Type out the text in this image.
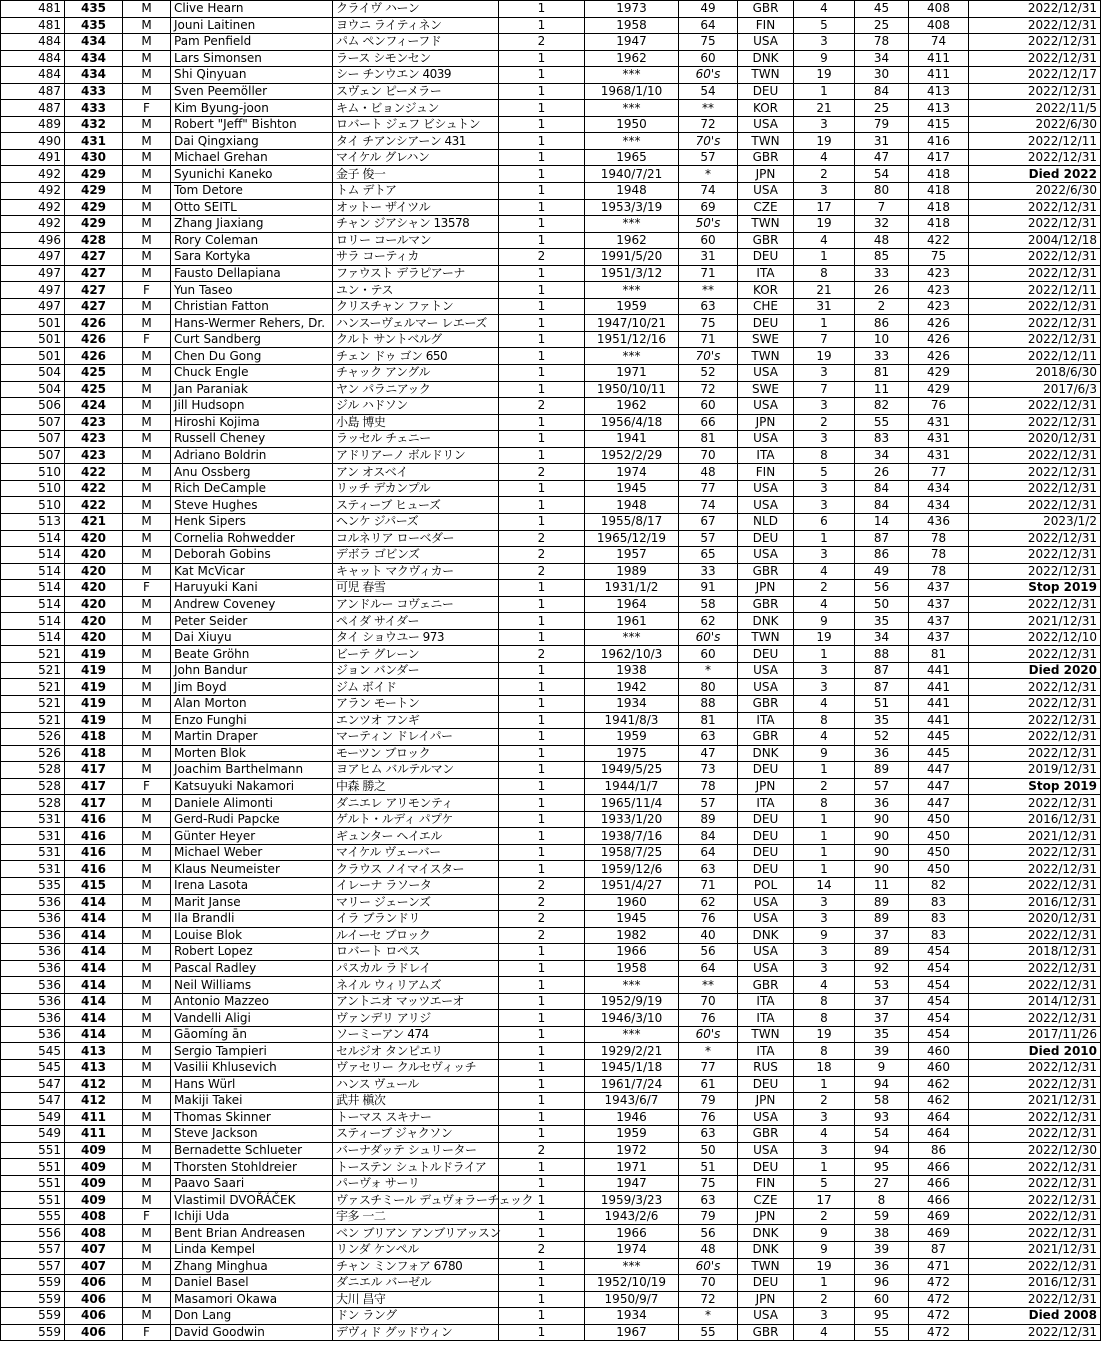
481	435	M	Clive Hearn	クライヴ ハーン	1	1973	49	GBR	4	45	408	2022/12/31
481	435	M	Jouni Laitinen	ヨウニ ライティネン	1	1958	64	FIN	5	25	408	2022/12/31
484	434	M	Pam Penfield	パム ペンフィーフド	2	1947	75	USA	3	78	74	2022/12/31
484	434	M	Lars Simonsen	ラース シモンセン	1	1962	60	DNK	9	34	411	2022/12/31
484	434	M	Shi Qinyuan	シー チンウエン 4039	1	***	60's	TWN	19	30	411	2022/12/17
487	433	M	Sven Peemöller	スヴェン ピーメラー	1	1968/1/10	54	DEU	1	84	413	2022/12/31
487	433	F	Kim Byung-joon	キム・ビョンジュン	1	***	**	KOR	21	25	413	2022/11/5
489	432	M	Robert "Jeff" Bishton	ロバート ジェフ ビシュトン	1	1950	72	USA	3	79	415	2022/6/30
490	431	M	Dai Qingxiang	タイ チアンシアーン 431	1	***	70's	TWN	19	31	416	2022/12/11
491	430	M	Michael Grehan	マイケル グレハン	1	1965	57	GBR	4	47	417	2022/12/31
492	429	M	Syunichi Kaneko	金子 俊一	1	1940/7/21	*	JPN	2	54	418	Died 2022
492	429	M	Tom Detore	トム デトア	1	1948	74	USA	3	80	418	2022/6/30
492	429	M	Otto SEITL	オットー ザイツル	1	1953/3/19	69	CZE	17	7	418	2022/12/31
492	429	M	Zhang Jiaxiang	チャン ジアシャン 13578	1	***	50's	TWN	19	32	418	2022/12/31
496	428	M	Rory Coleman	ロリー コールマン	1	1962	60	GBR	4	48	422	2004/12/18
497	427	M	Sara Kortyka	サラ コーティカ	2	1991/5/20	31	DEU	1	85	75	2022/12/31
497	427	M	Fausto Dellapiana	ファウスト デラピアーナ	1	1951/3/12	71	ITA	8	33	423	2022/12/31
497	427	F	Yun Taseo	ユン・テス	1	***	**	KOR	21	26	423	2022/12/11
497	427	M	Christian Fatton	クリスチャン ファトン	1	1959	63	CHE	31	2	423	2022/12/31
501	426	M	Hans-Wermer Rehers, Dr.	ハンスーヴェルマー レエーズ	1	1947/10/21	75	DEU	1	86	426	2022/12/31
501	426	F	Curt Sandberg	クルト サントベルグ	1	1951/12/16	71	SWE	7	10	426	2022/12/31
501	426	M	Chen Du Gong	チェン ドゥ ゴン 650	1	***	70's	TWN	19	33	426	2022/12/11
504	425	M	Chuck Engle	チャック アングル	1	1971	52	USA	3	81	429	2018/6/30
504	425	M	Jan Paraniak	ヤン パラニアック	1	1950/10/11	72	SWE	7	11	429	2017/6/3
506	424	M	Jill Hudsopn	ジル ハドソン	2	1962	60	USA	3	82	76	2022/12/31
507	423	M	Hiroshi Kojima	小島 博史	1	1956/4/18	66	JPN	2	55	431	2022/12/31
507	423	M	Russell Cheney	ラッセル チェニー	1	1941	81	USA	3	83	431	2020/12/31
507	423	M	Adriano Boldrin	アドリアーノ ボルドリン	1	1952/2/29	70	ITA	8	34	431	2022/12/31
510	422	M	Anu Ossberg	アン オスベイ	2	1974	48	FIN	5	26	77	2022/12/31
510	422	M	Rich DeCample	リッチ デカンプル	1	1945	77	USA	3	84	434	2022/12/31
510	422	M	Steve Hughes	スティーブ ヒューズ	1	1948	74	USA	3	84	434	2022/12/31
513	421	M	Henk Sipers	ヘンケ ジパーズ	1	1955/8/17	67	NLD	6	14	436	2023/1/2
514	420	M	Cornelia Rohwedder	コルネリア ローベダー	2	1965/12/19	57	DEU	1	87	78	2022/12/31
514	420	M	Deborah Gobins	デボラ ゴビンズ	2	1957	65	USA	3	86	78	2022/12/31
514	420	M	Kat McVicar	キャット マクヴィカー	2	1989	33	GBR	4	49	78	2022/12/31
514	420	F	Haruyuki Kani	可児 春雪	1	1931/1/2	91	JPN	2	56	437	Stop 2019
514	420	M	Andrew Coveney	アンドルー コヴェニー	1	1964	58	GBR	4	50	437	2022/12/31
514	420	M	Peter Seider	ペイダ サイダー	1	1961	62	DNK	9	35	437	2021/12/31
514	420	M	Dai Xiuyu	タイ ショウユー 973	1	***	60's	TWN	19	34	437	2022/12/10
521	419	M	Beate Gröhn	ビーテ グレーン	2	1962/10/3	60	DEU	1	88	81	2022/12/31
521	419	M	John Bandur	ジョン バンダー	1	1938	*	USA	3	87	441	Died 2020
521	419	M	Jim Boyd	ジム ボイド	1	1942	80	USA	3	87	441	2022/12/31
521	419	M	Alan Morton	アラン モートン	1	1934	88	GBR	4	51	441	2022/12/31
521	419	M	Enzo Funghi	エンツオ フンギ	1	1941/8/3	81	ITA	8	35	441	2022/12/31
526	418	M	Martin Draper	マーティン ドレイパー	1	1959	63	GBR	4	52	445	2022/12/31
526	418	M	Morten Blok	モーツン ブロック	1	1975	47	DNK	9	36	445	2022/12/31
528	417	M	Joachim Barthelmann	ヨアヒム バルテルマン	1	1949/5/25	73	DEU	1	89	447	2019/12/31
528	417	F	Katsuyuki Nakamori	中森 勝之	1	1944/1/7	78	JPN	2	57	447	Stop 2019
528	417	M	Daniele Alimonti	ダニエレ アリモンティ	1	1965/11/4	57	ITA	8	36	447	2022/12/31
531	416	M	Gerd-Rudi Papcke	ゲルト・ルディ パプケ	1	1933/1/20	89	DEU	1	90	450	2016/12/31
531	416	M	Günter Heyer	ギュンター ヘイエル	1	1938/7/16	84	DEU	1	90	450	2021/12/31
531	416	M	Michael Weber	マイケル ヴェーバー	1	1958/7/25	64	DEU	1	90	450	2022/12/31
531	416	M	Klaus Neumeister	クラウス ノイマイスター	1	1959/12/6	63	DEU	1	90	450	2022/12/31
535	415	M	Irena Lasota	イレーナ ラソータ	2	1951/4/27	71	POL	14	11	82	2022/12/31
536	414	M	Marit Janse	マリー ジェーンズ	2	1960	62	USA	3	89	83	2016/12/31
536	414	M	Ila Brandli	イラ ブランドリ	2	1945	76	USA	3	89	83	2020/12/31
536	414	M	Louise Blok	ルイーセ ブロック	2	1982	40	DNK	9	37	83	2022/12/31
536	414	M	Robert Lopez	ロバート ロペス	1	1966	56	USA	3	89	454	2018/12/31
536	414	M	Pascal Radley	パスカル ラドレイ	1	1958	64	USA	3	92	454	2022/12/31
536	414	M	Neil Williams	ネイル ウィリアムズ	1	***	**	GBR	4	53	454	2022/12/31
536	414	M	Antonio Mazzeo	アントニオ マッツエーオ	1	1952/9/19	70	ITA	8	37	454	2014/12/31
536	414	M	Vandelli Aligi	ヴァンデリ アリジ	1	1946/3/10	76	ITA	8	37	454	2022/12/31
536	414	M	Gāomíng ān	ソーミーアン 474	1	***	60's	TWN	19	35	454	2017/11/26
545	413	M	Sergio Tampieri	セルジオ タンピエリ	1	1929/2/21	*	ITA	8	39	460	Died 2010
545	413	M	Vasilii Khlusevich	ヴァセリー クルセヴィッチ	1	1945/1/18	77	RUS	18	9	460	2022/12/31
547	412	M	Hans Würl	ハンス ヴュール	1	1961/7/24	61	DEU	1	94	462	2022/12/31
547	412	M	Makiji Takei	武井 槇次	1	1943/6/7	79	JPN	2	58	462	2021/12/31
549	411	M	Thomas Skinner	トーマス スキナー	1	1946	76	USA	3	93	464	2022/12/31
549	411	M	Steve Jackson	スティーブ ジャクソン	1	1959	63	GBR	4	54	464	2022/12/31
551	409	M	Bernadette Schlueter	バーナダッテ シュリーター	2	1972	50	USA	3	94	86	2022/12/30
551	409	M	Thorsten Stohldreier	トーステン シュトルドライア	1	1971	51	DEU	1	95	466	2022/12/31
551	409	M	Paavo Saari	パーヴォ サーリ	1	1947	75	FIN	5	27	466	2022/12/31
551	409	M	Vlastimil DVOŘÁČEK	ヴァスチミール デュヴォラーチェック	1	1959/3/23	63	CZE	17	8	466	2022/12/31
555	408	F	Ichiji Uda	宇多 一二	1	1943/2/6	79	JPN	2	59	469	2022/12/31
556	408	M	Bent Brian Andreasen	ベン ブリアン アンブリアッスン	1	1966	56	DNK	9	38	469	2022/12/31
557	407	M	Linda Kempel	リンダ ケンペル	2	1974	48	DNK	9	39	87	2021/12/31
557	407	M	Zhang Minghua	チャン ミンフォア 6780	1	***	60's	TWN	19	36	471	2022/12/31
559	406	M	Daniel Basel	ダニエル バーゼル	1	1952/10/19	70	DEU	1	96	472	2016/12/31
559	406	M	Masamori Okawa	大川 昌守	1	1950/9/7	72	JPN	2	60	472	2022/12/31
559	406	M	Don Lang	ドン ラング	1	1934	*	USA	3	95	472	Died 2008
559	406	F	David Goodwin	デヴィド グッドウィン	1	1967	55	GBR	4	55	472	2022/12/31
